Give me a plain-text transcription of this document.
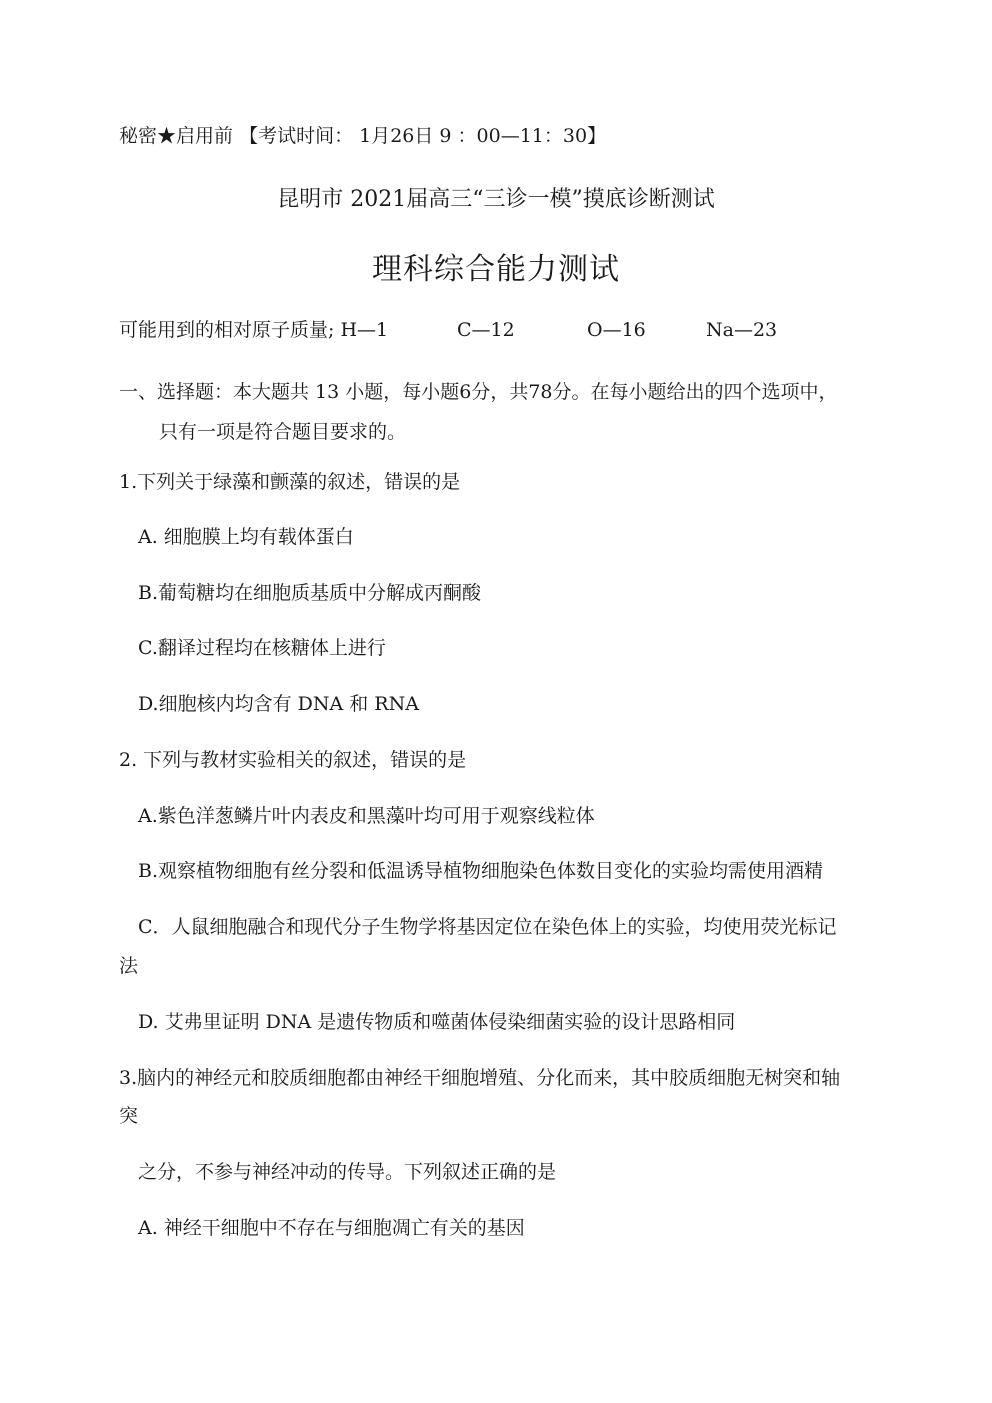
秘密★启用前 【考试时间： 1月26日 9 ：00—11：30】
昆明市 2021届高三“三诊一模”摸底诊断测试
理科综合能力测试
可能用到的相对原子质量; H—1	C—12	O—16	Na—23
一、选择题：本大题共 13 小题，每小题6分，共78分。在每小题给出的四个选项中，
只有一项是符合题目要求的。
1.下列关于绿藻和颤藻的叙述，错误的是
A. 细胞膜上均有载体蛋白
B.葡萄糖均在细胞质基质中分解成丙酮酸
C.翻译过程均在核糖体上进行
D.细胞核内均含有 DNA 和 RNA
2. 下列与教材实验相关的叙述，错误的是
A.紫色洋葱鳞片叶内表皮和黑藻叶均可用于观察线粒体
B.观察植物细胞有丝分裂和低温诱导植物细胞染色体数目变化的实验均需使用酒精
C．人鼠细胞融合和现代分子生物学将基因定位在染色体上的实验，均使用荧光标记
法
D. 艾弗里证明 DNA 是遗传物质和噬菌体侵染细菌实验的设计思路相同
3.脑内的神经元和胶质细胞都由神经干细胞增殖、分化而来，其中胶质细胞无树突和轴
突
之分，不参与神经冲动的传导。下列叙述正确的是
A. 神经干细胞中不存在与细胞凋亡有关的基因
